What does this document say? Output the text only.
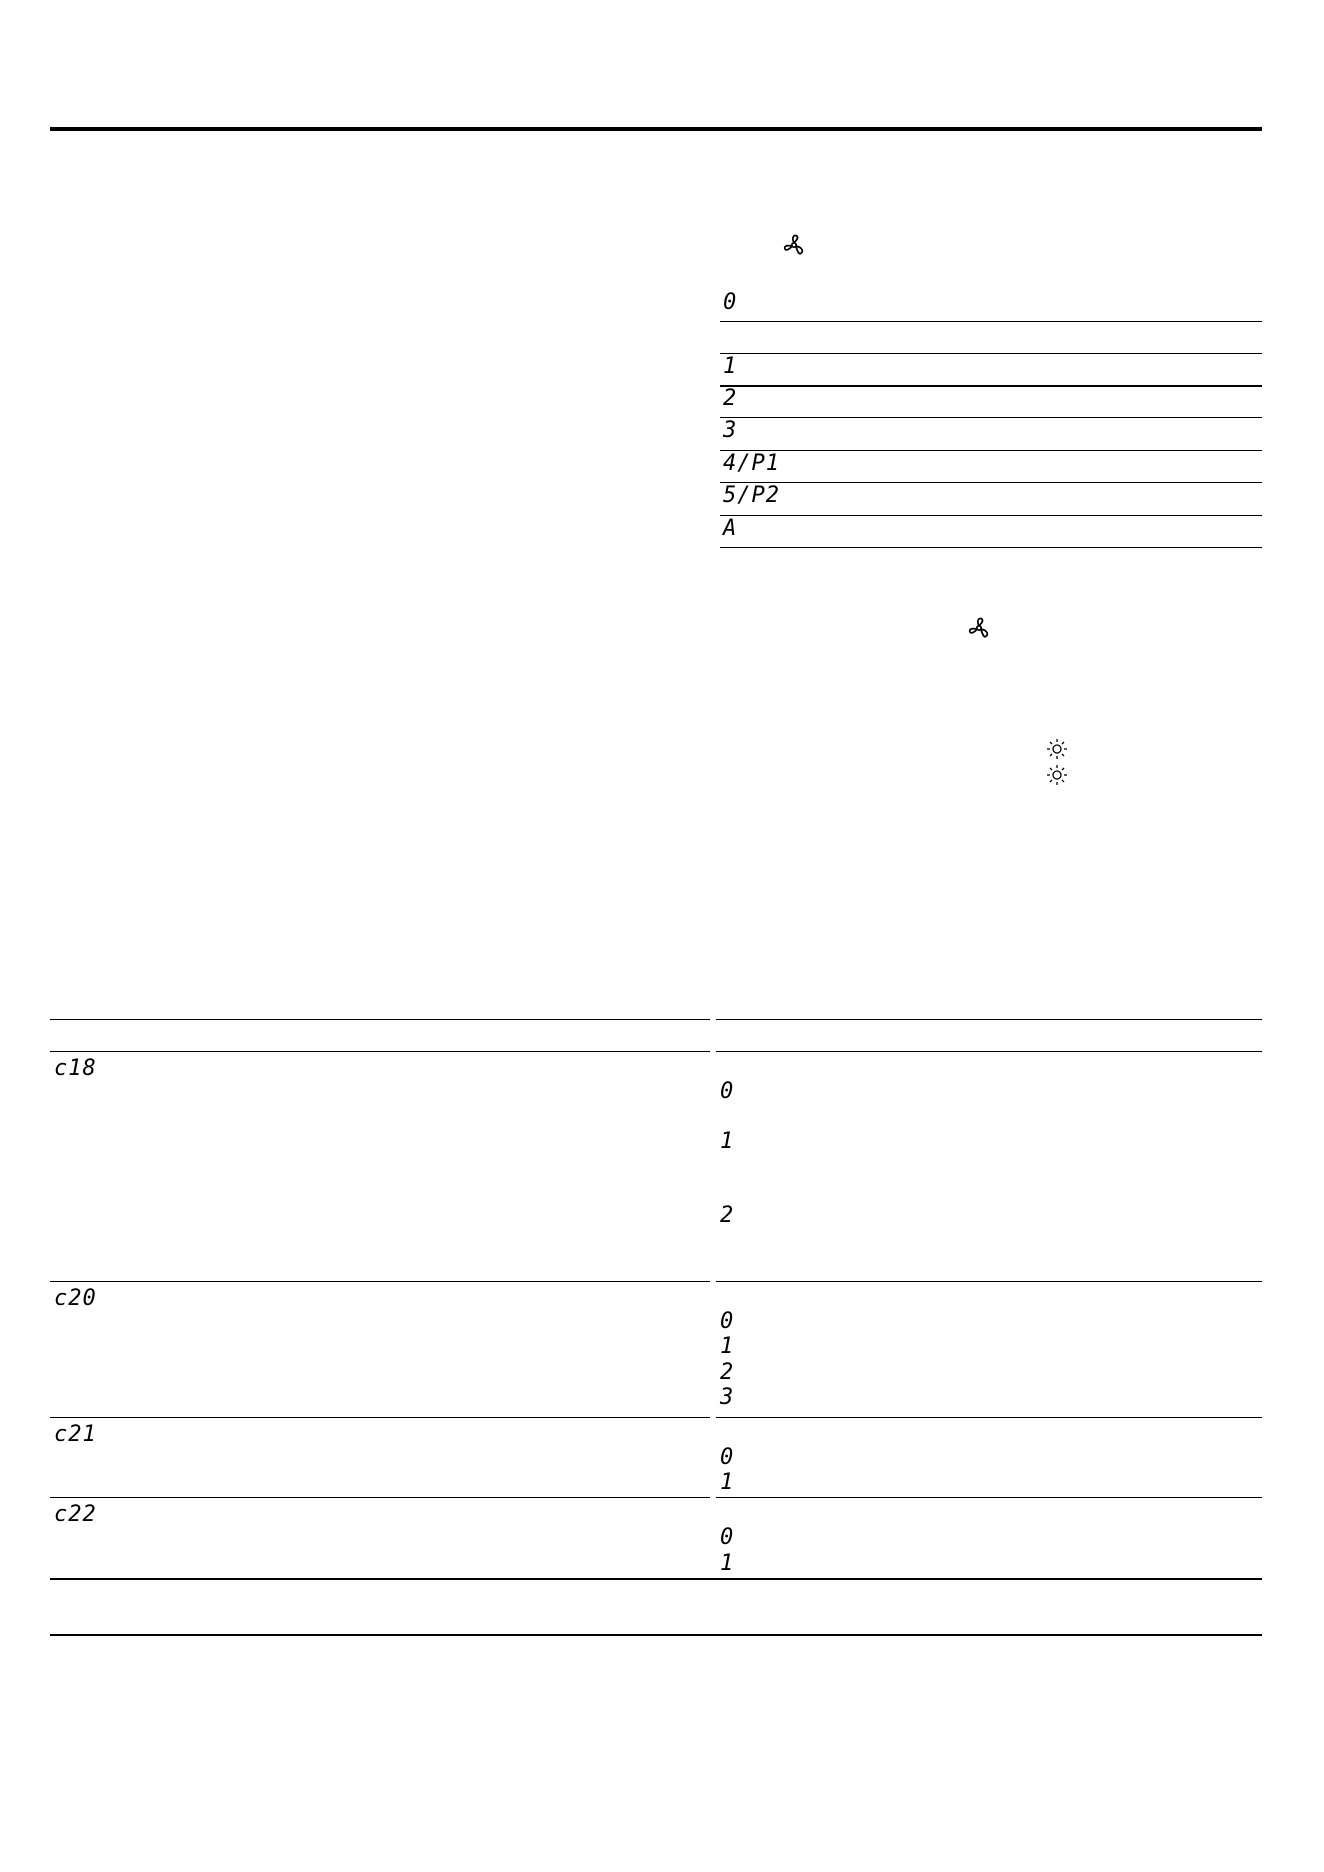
0
1
2
3
4/P1
5/P2
A
c18
0
1
2
c20
0
1
2
3
c21
0
1
c22
0
1
